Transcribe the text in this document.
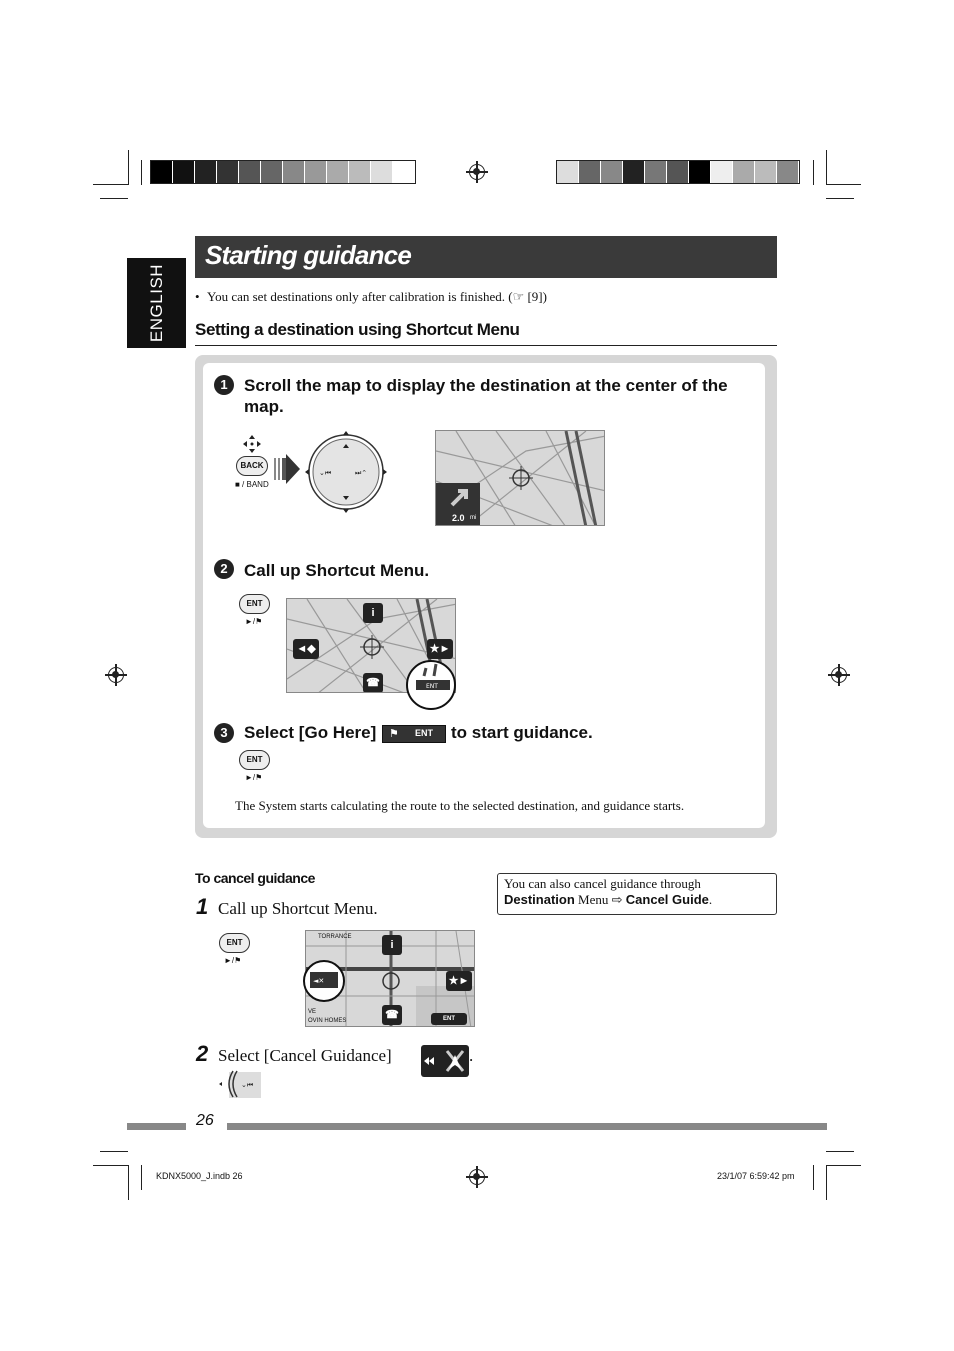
ENGLISH
Starting guidance
• You can set destinations only after calibration is finished. (☞ [9])
Setting a destination using Shortcut Menu
1 Scroll the map to display the destination at the center of the map.
BACK
■ / BAND
⌄⏮	⏭⌃
2.0 mi
2 Call up Shortcut Menu.
ENT
►/⚑
i
◄◆	★►
☎	ENT
3 Select [Go Here] ⚑ ENT to start guidance.
ENT
►/⚑
The System starts calculating the route to the selected destination, and guidance starts.
To cancel guidance
1 Call up Shortcut Menu.
You can also cancel guidance through
Destination Menu ⇨ Cancel Guide.
ENT
►/⚑
TORRANCE
VE
OVIN HOMES
i
★►
☎	ENT
◄✕
2 Select [Cancel Guidance]	.
⌄⏮
26
KDNX5000_J.indb 26	23/1/07 6:59:42 pm
